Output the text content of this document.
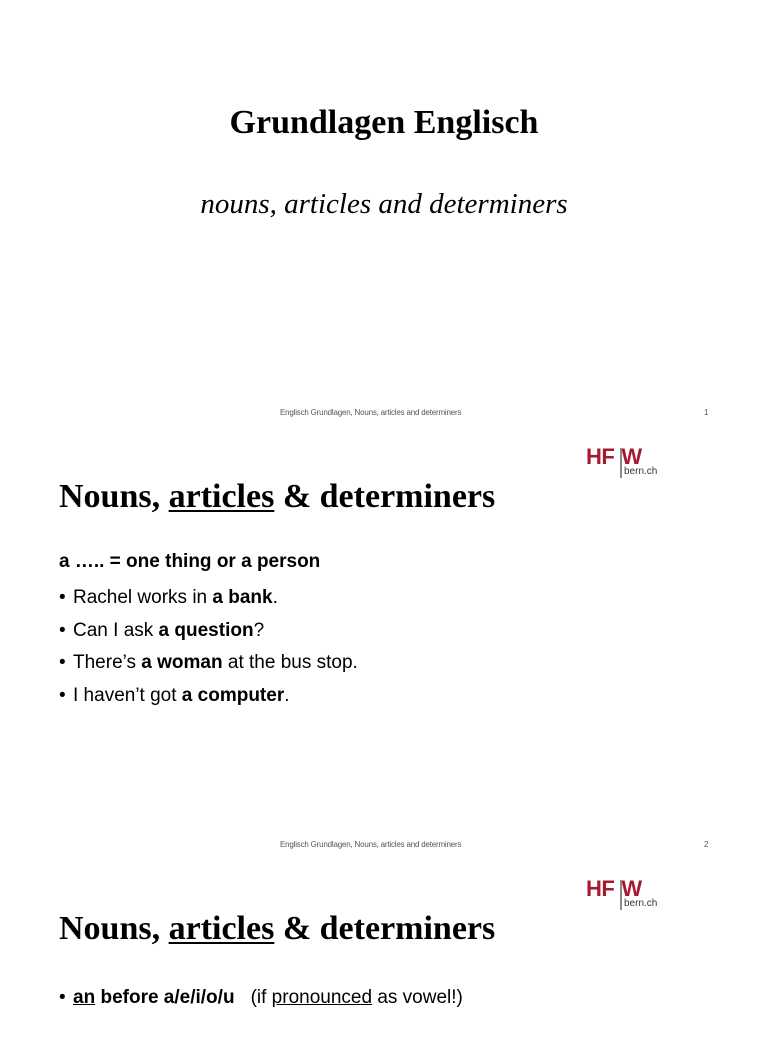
Grundlagen Englisch
nouns, articles and determiners
Englisch Grundlagen, Nouns, articles and determiners	1
HF W
bern.ch
Nouns, articles & determiners
a ….. = one thing or a person
• Rachel works in a bank.
• Can I ask a question?
• There’s a woman at the bus stop.
• I haven’t got a computer.
Englisch Grundlagen, Nouns, articles and determiners	2
HF W
bern.ch
Nouns, articles & determiners
• an before a/e/i/o/u (if pronounced as vowel!)
